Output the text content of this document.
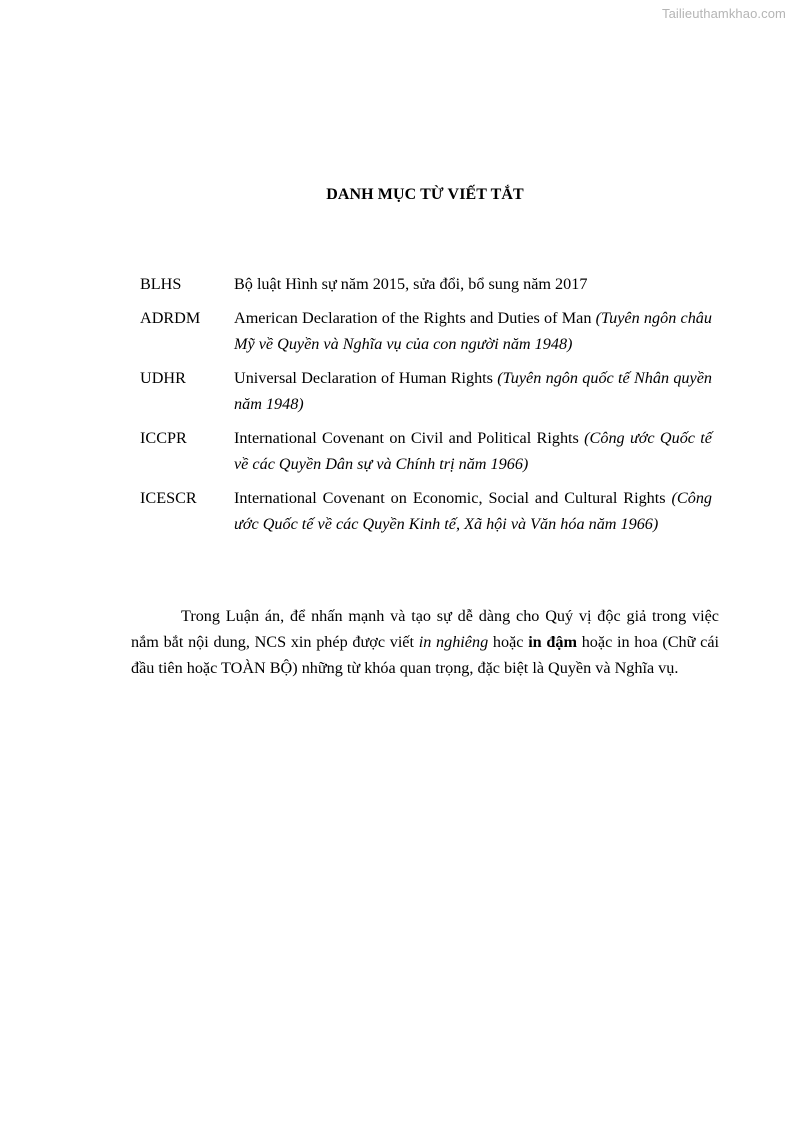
Tailieuthamkhao.com
DANH MỤC TỪ VIẾT TẮT
BLHS	Bộ luật Hình sự năm 2015, sửa đổi, bổ sung năm 2017
ADRDM	American Declaration of the Rights and Duties of Man (Tuyên ngôn châu Mỹ về Quyền và Nghĩa vụ của con người năm 1948)
UDHR	Universal Declaration of Human Rights (Tuyên ngôn quốc tế Nhân quyền năm 1948)
ICCPR	International Covenant on Civil and Political Rights (Công ước Quốc tế về các Quyền Dân sự và Chính trị năm 1966)
ICESCR	International Covenant on Economic, Social and Cultural Rights (Công ước Quốc tế về các Quyền Kinh tế, Xã hội và Văn hóa năm 1966)

Trong Luận án, để nhấn mạnh và tạo sự dễ dàng cho Quý vị độc giả trong việc nắm bắt nội dung, NCS xin phép được viết in nghiêng hoặc in đậm hoặc in hoa (Chữ cái đầu tiên hoặc TOÀN BỘ) những từ khóa quan trọng, đặc biệt là Quyền và Nghĩa vụ.
